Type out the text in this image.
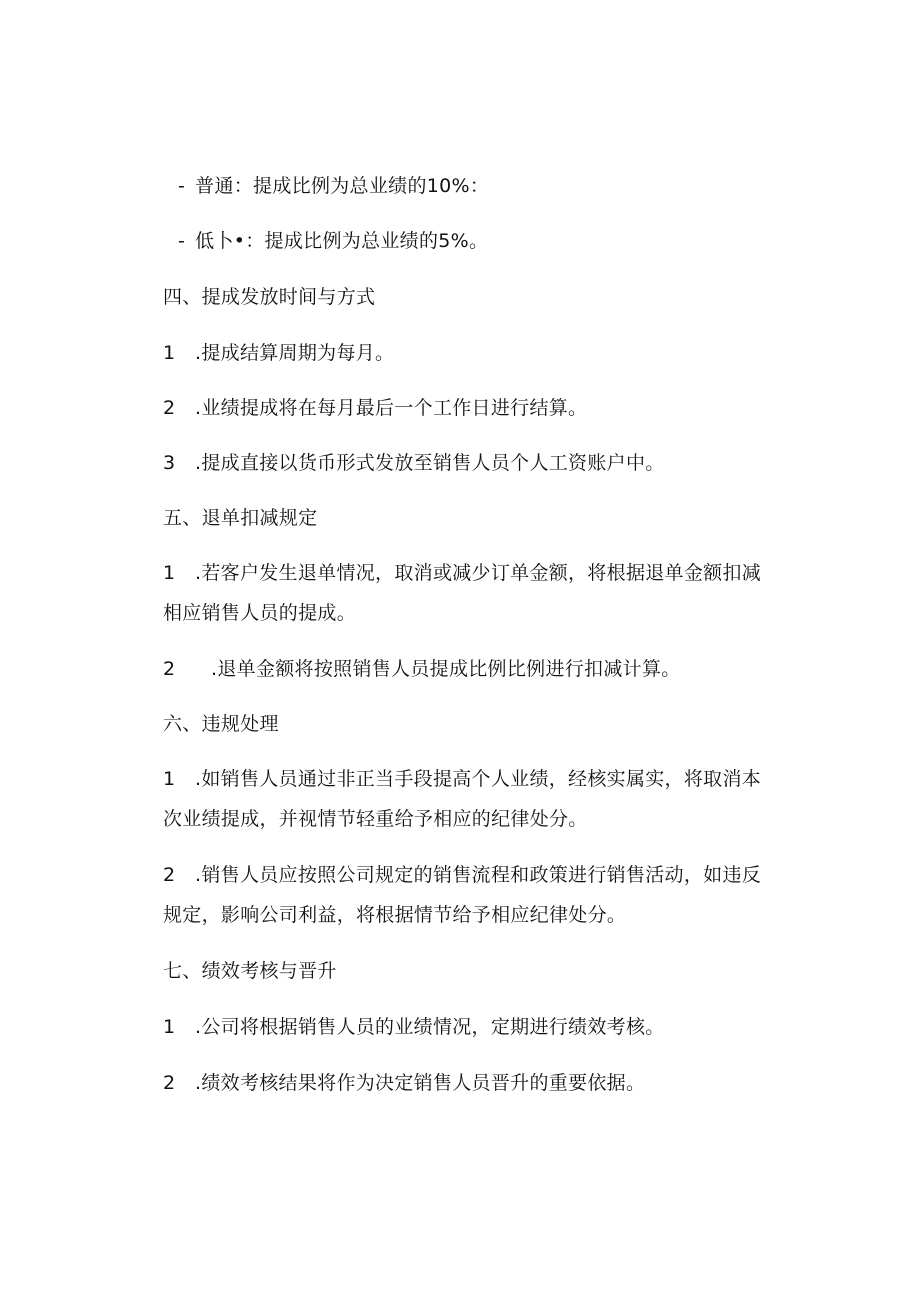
- 普通：提成比例为总业绩的10%：
- 低卜•：提成比例为总业绩的5%。
四、提成发放时间与方式
1 .提成结算周期为每月。
2 .业绩提成将在每月最后一个工作日进行结算。
3 .提成直接以货币形式发放至销售人员个人工资账户中。
五、退单扣减规定
1 .若客户发生退单情况，取消或减少订单金额，将根据退单金额扣减
相应销售人员的提成。
2 .退单金额将按照销售人员提成比例比例进行扣减计算。
六、违规处理
1 .如销售人员通过非正当手段提高个人业绩，经核实属实，将取消本
次业绩提成，并视情节轻重给予相应的纪律处分。
2 .销售人员应按照公司规定的销售流程和政策进行销售活动，如违反
规定，影响公司利益，将根据情节给予相应纪律处分。
七、绩效考核与晋升
1 .公司将根据销售人员的业绩情况，定期进行绩效考核。
2 .绩效考核结果将作为决定销售人员晋升的重要依据。
